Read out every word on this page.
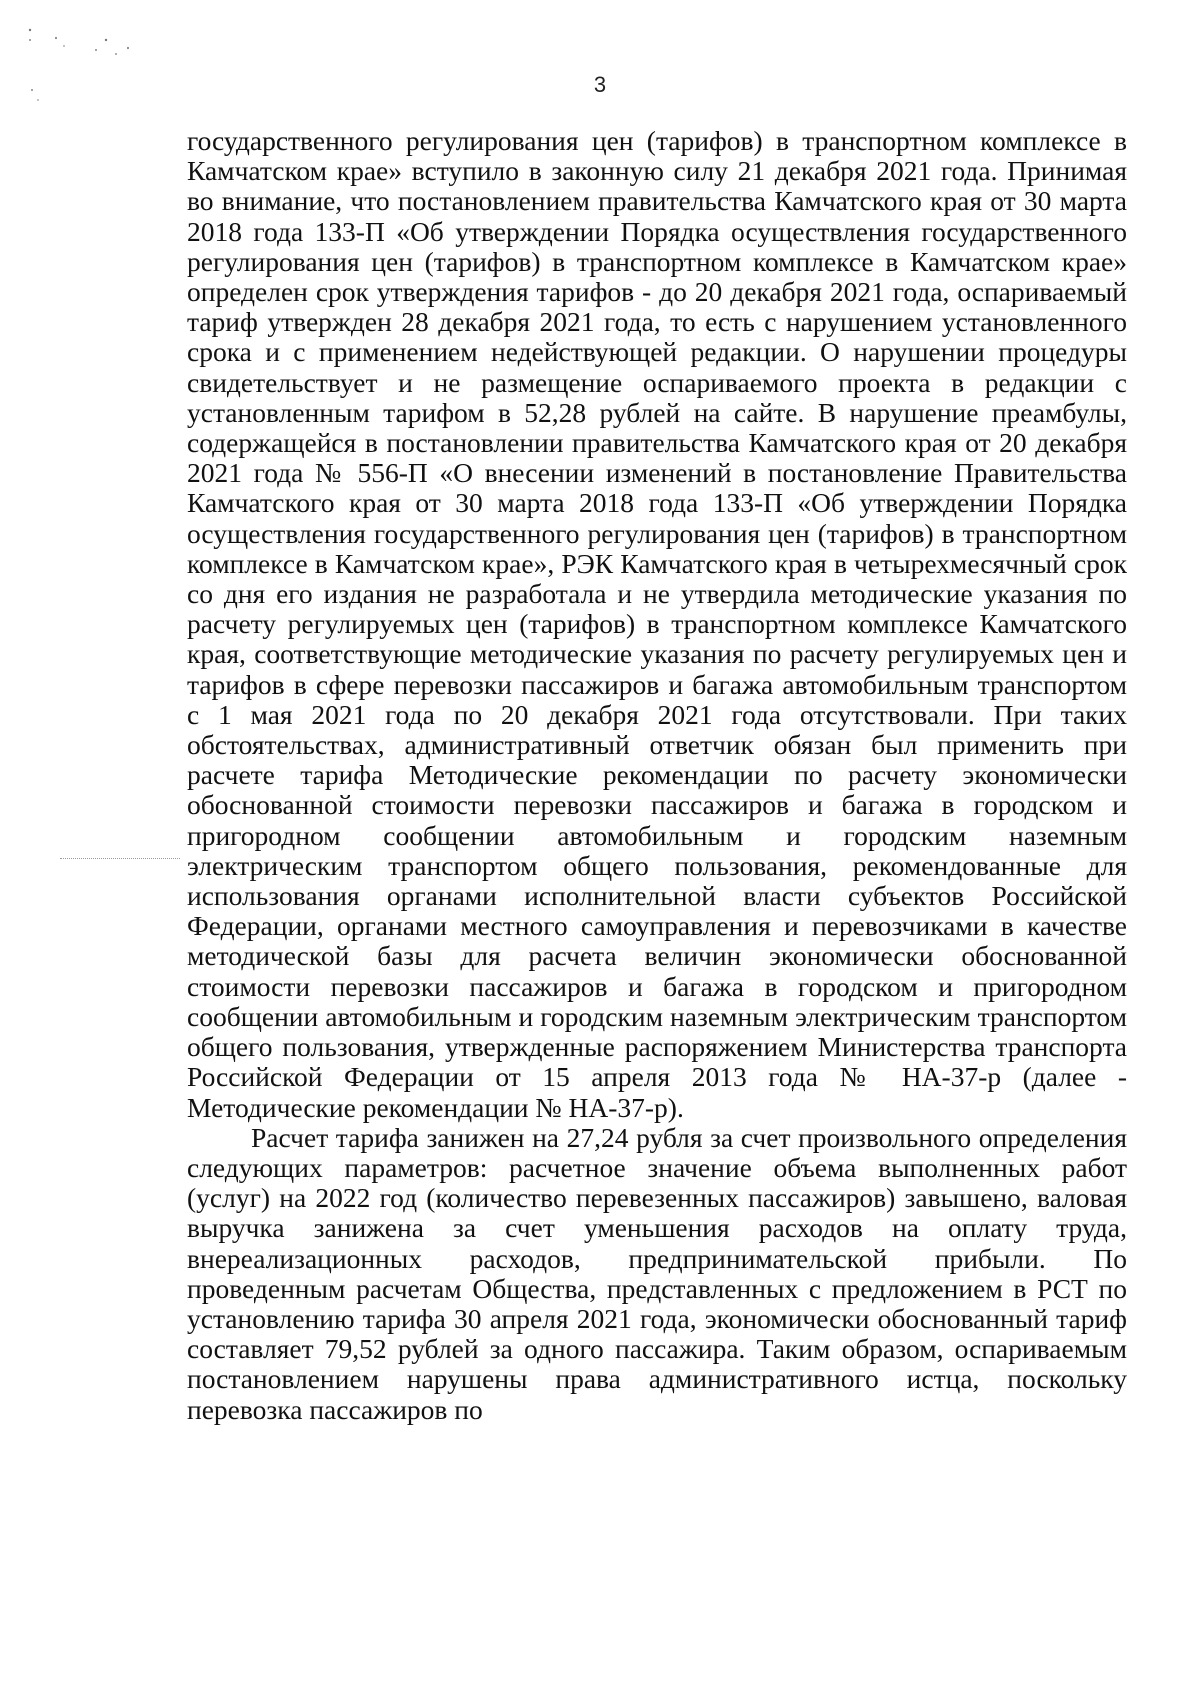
3

государственного регулирования цен (тарифов) в транспортном комплексе в Камчатском крае» вступило в законную силу 21 декабря 2021 года. Принимая во внимание, что постановлением правительства Камчатского края от 30 марта 2018 года 133-П «Об утверждении Порядка осуществления государственного регулирования цен (тарифов) в транспортном комплексе в Камчатском крае» определен срок утверждения тарифов - до 20 декабря 2021 года, оспариваемый тариф утвержден 28 декабря 2021 года, то есть с нарушением установленного срока и с применением недействующей редакции. О нарушении процедуры свидетельствует и не размещение оспариваемого проекта в редакции с установленным тарифом в 52,28 рублей на сайте. В нарушение преамбулы, содержащейся в постановлении правительства Камчатского края от 20 декабря 2021 года № 556-П «О внесении изменений в постановление Правительства Камчатского края от 30 марта 2018 года 133-П «Об утверждении Порядка осуществления государственного регулирования цен (тарифов) в транспортном комплексе в Камчатском крае», РЭК Камчатского края в четырехмесячный срок со дня его издания не разработала и не утвердила методические указания по расчету регулируемых цен (тарифов) в транспортном комплексе Камчатского края, соответствующие методические указания по расчету регулируемых цен и тарифов в сфере перевозки пассажиров и багажа автомобильным транспортом с 1 мая 2021 года по 20 декабря 2021 года отсутствовали. При таких обстоятельствах, административный ответчик обязан был применить при расчете тарифа Методические рекомендации по расчету экономически обоснованной стоимости перевозки пассажиров и багажа в городском и пригородном сообщении автомобильным и городским наземным электрическим транспортом общего пользования, рекомендованные для использования органами исполнительной власти субъектов Российской Федерации, органами местного самоуправления и перевозчиками в качестве методической базы для расчета величин экономически обоснованной стоимости перевозки пассажиров и багажа в городском и пригородном сообщении автомобильным и городским наземным электрическим транспортом общего пользования, утвержденные распоряжением Министерства транспорта Российской Федерации от 15 апреля 2013 года № НА-37-р (далее - Методические рекомендации № НА-37-р).

Расчет тарифа занижен на 27,24 рубля за счет произвольного определения следующих параметров: расчетное значение объема выполненных работ (услуг) на 2022 год (количество перевезенных пассажиров) завышено, валовая выручка занижена за счет уменьшения расходов на оплату труда, внереализационных расходов, предпринимательской прибыли. По проведенным расчетам Общества, представленных с предложением в РСТ по установлению тарифа 30 апреля 2021 года, экономически обоснованный тариф составляет 79,52 рублей за одного пассажира. Таким образом, оспариваемым постановлением нарушены права административного истца, поскольку перевозка пассажиров по
